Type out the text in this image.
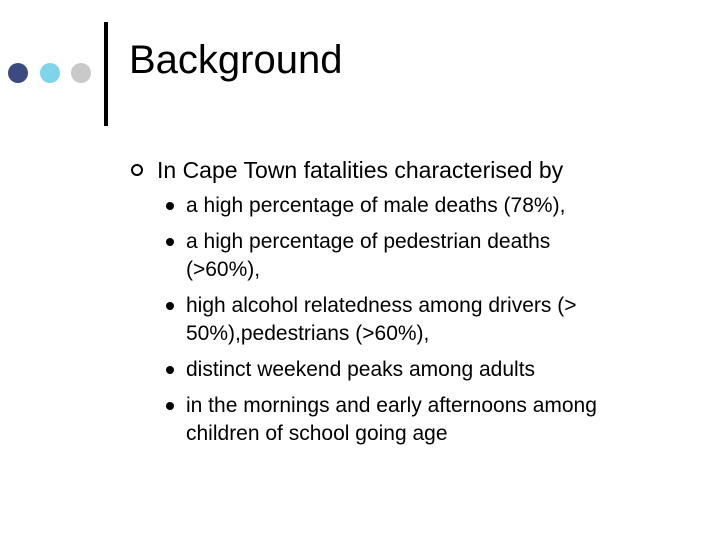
Background

In Cape Town fatalities characterised by

a high percentage of male deaths (78%),
a high percentage of pedestrian deaths
(>60%),
high alcohol relatedness among drivers (>
50%),pedestrians (>60%),
distinct weekend peaks among adults
in the mornings and early afternoons among
children of school going age
